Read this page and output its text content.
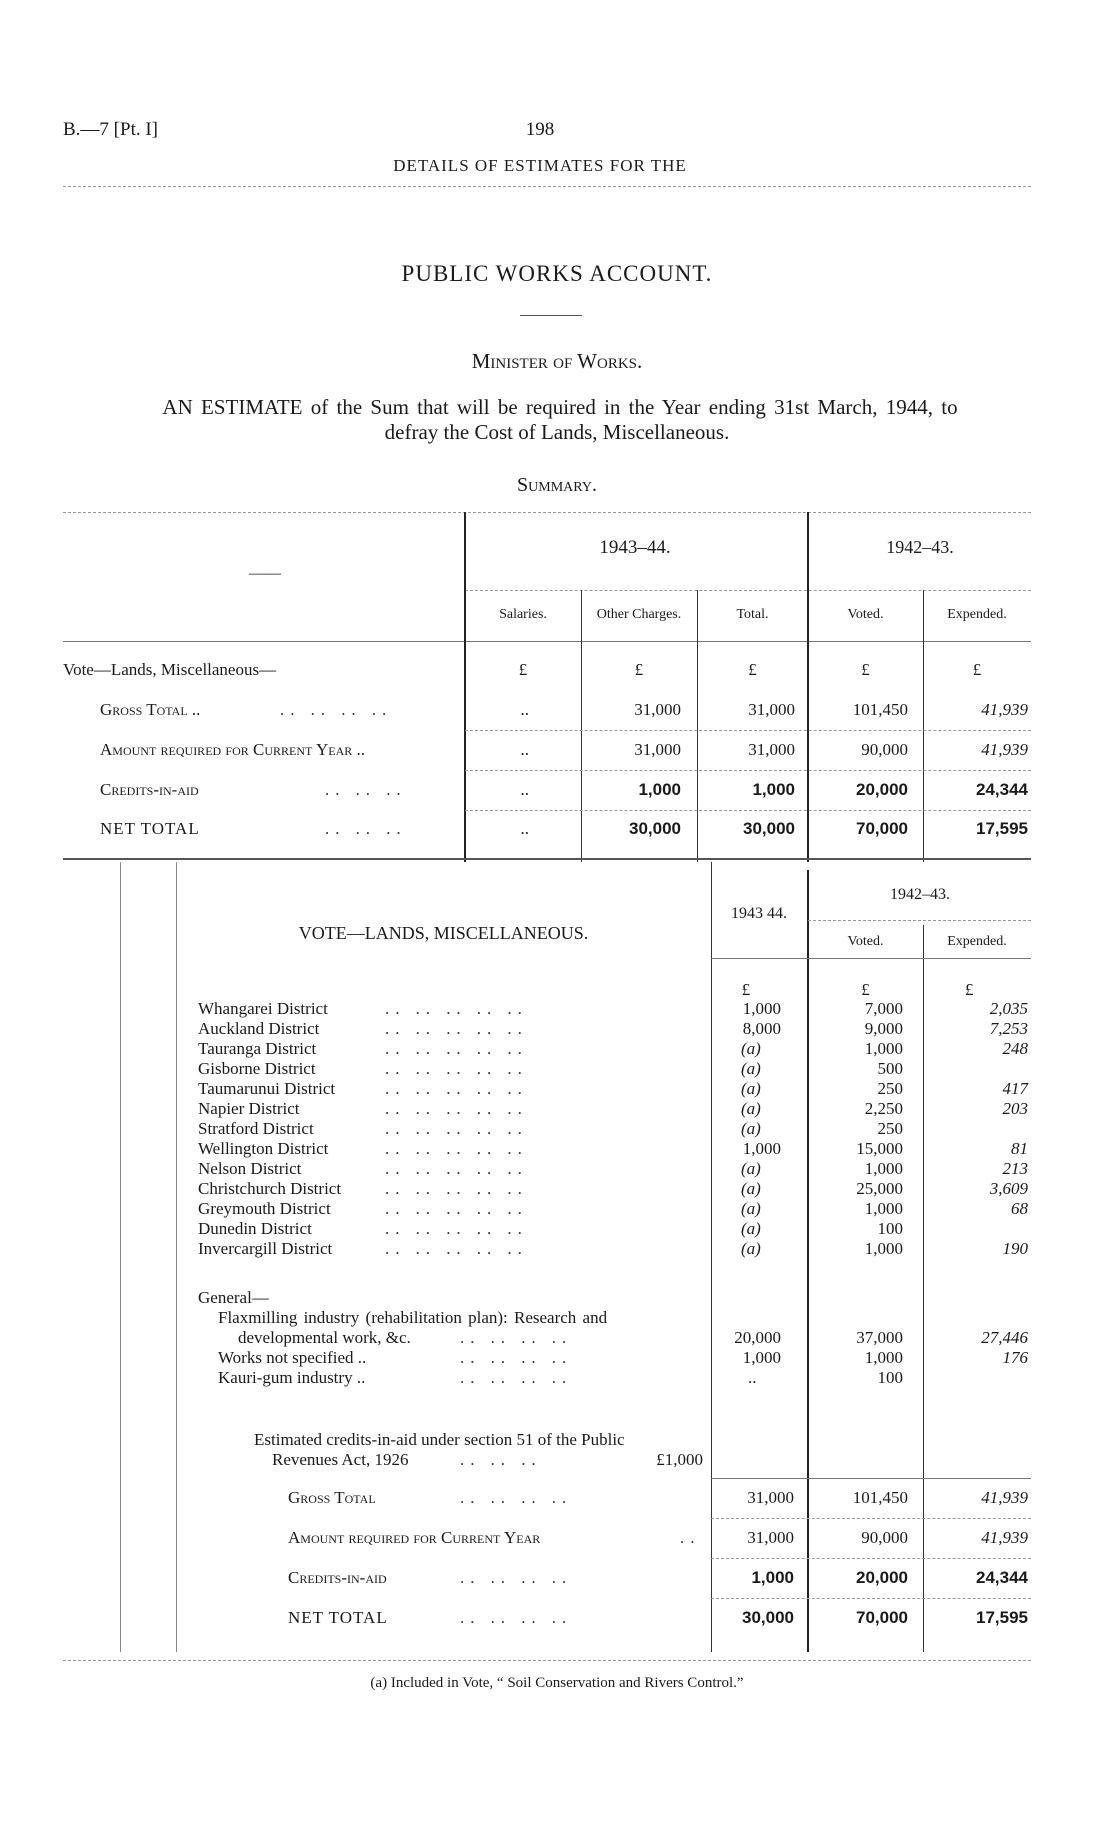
B.—7 [Pt. I]	198
DETAILS OF ESTIMATES FOR THE
PUBLIC WORKS ACCOUNT.
Minister of Works.
AN ESTIMATE of the Sum that will be required in the Year ending 31st March, 1944, to
defray the Cost of Lands, Miscellaneous.
Summary.
——
1943–44.	1942–43.
Salaries.	Other Charges.	Total.	Voted.	Expended.
Vote—Lands, Miscellaneous—	£	£	£	£	£
Gross Total ..	.. .. .. ..	..	31,000	31,000	101,450	41,939
Amount required for Current Year ..	..	31,000	31,000	90,000	41,939
Credits-in-aid	.. .. ..	..	1,000	1,000	20,000	24,344
NET TOTAL	.. .. ..	..	30,000	30,000	70,000	17,595
VOTE—LANDS, MISCELLANEOUS.
1943 44.
1942–43.
Voted.	Expended.
£	£	£
Whangarei District	.. .. .. .. ..	1,000	7,000	2,035
Auckland District	.. .. .. .. ..	8,000	9,000	7,253
Tauranga District	.. .. .. .. ..	(a)	1,000	248
Gisborne District	.. .. .. .. ..	(a)	500
Taumarunui District	.. .. .. .. ..	(a)	250	417
Napier District	.. .. .. .. ..	(a)	2,250	203
Stratford District	.. .. .. .. ..	(a)	250
Wellington District	.. .. .. .. ..	1,000	15,000	81
Nelson District	.. .. .. .. ..	(a)	1,000	213
Christchurch District	.. .. .. .. ..	(a)	25,000	3,609
Greymouth District	.. .. .. .. ..	(a)	1,000	68
Dunedin District	.. .. .. .. ..	(a)	100
Invercargill District	.. .. .. .. ..	(a)	1,000	190
General—
Flaxmilling industry (rehabilitation plan): Research and
developmental work, &c.	.. .. .. ..	20,000	37,000	27,446
Works not specified ..	.. .. .. ..	1,000	1,000	176
Kauri-gum industry ..	.. .. .. ..	..	100
Estimated credits-in-aid under section 51 of the Public
Revenues Act, 1926	.. .. ..	£1,000
Gross Total	.. .. .. ..	31,000	101,450	41,939
Amount required for Current Year	..	31,000	90,000	41,939
Credits-in-aid	.. .. .. ..	1,000	20,000	24,344
NET TOTAL	.. .. .. ..	30,000	70,000	17,595
(a) Included in Vote, “ Soil Conservation and Rivers Control.”
